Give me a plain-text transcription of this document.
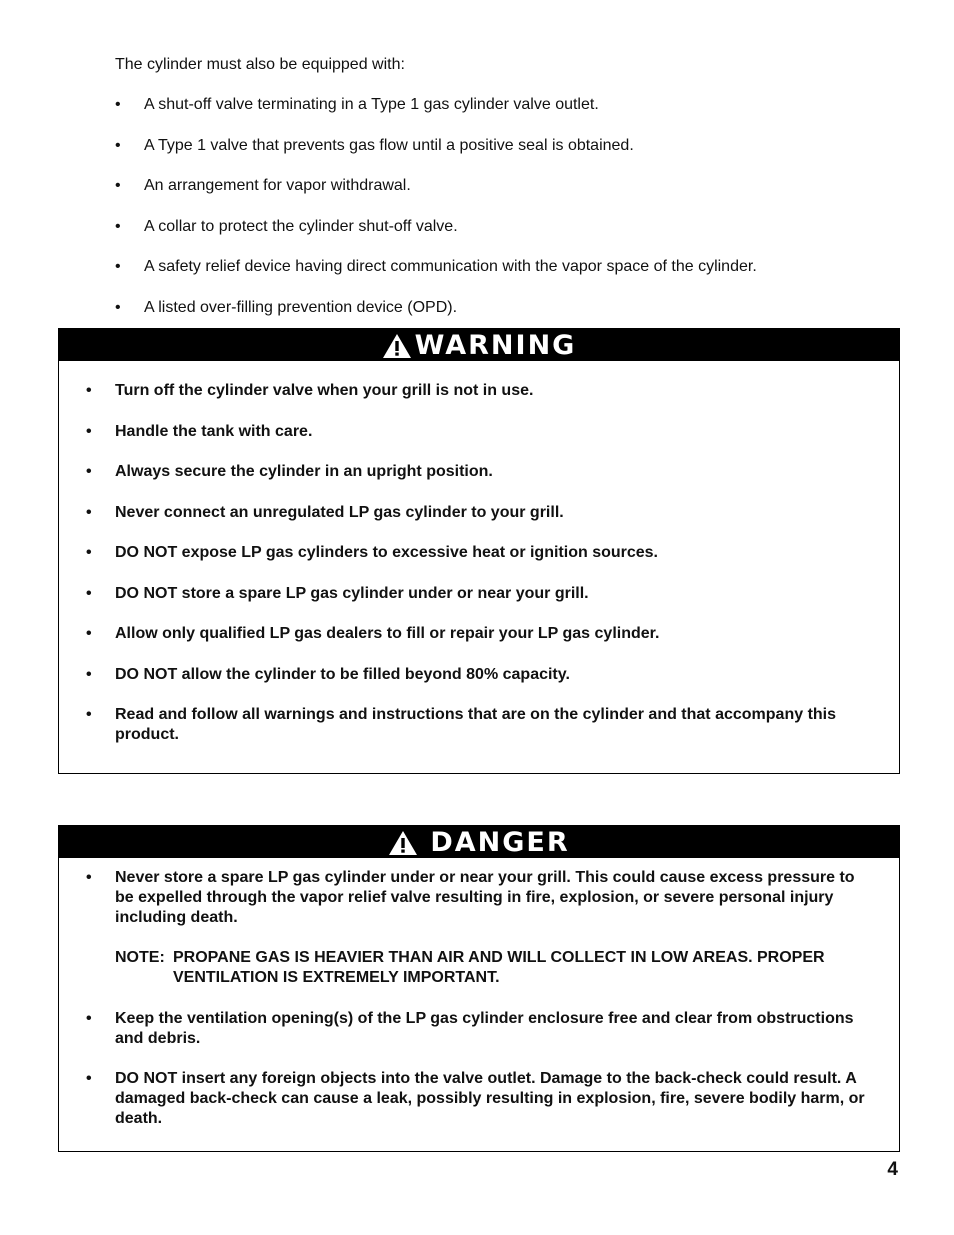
The cylinder must also be equipped with:
• A shut-off valve terminating in a Type 1 gas cylinder valve outlet.
• A Type 1 valve that prevents gas flow until a positive seal is obtained.
• An arrangement for vapor withdrawal.
• A collar to protect the cylinder shut-off valve.
• A safety relief device having direct communication with the vapor space of the cylinder.
• A listed over-filling prevention device (OPD).
WARNING
• Turn off the cylinder valve when your grill is not in use.
• Handle the tank with care.
• Always secure the cylinder in an upright position.
• Never connect an unregulated LP gas cylinder to your grill.
• DO NOT expose LP gas cylinders to excessive heat or ignition sources.
• DO NOT store a spare LP gas cylinder under or near your grill.
• Allow only qualified LP gas dealers to fill or repair your LP gas cylinder.
• DO NOT allow the cylinder to be filled beyond 80% capacity.
• Read and follow all warnings and instructions that are on the cylinder and that accompany this product.
DANGER
• Never store a spare LP gas cylinder under or near your grill. This could cause excess pressure to be expelled through the vapor relief valve resulting in fire, explosion, or severe personal injury including death.
NOTE: PROPANE GAS IS HEAVIER THAN AIR AND WILL COLLECT IN LOW AREAS. PROPER VENTILATION IS EXTREMELY IMPORTANT.
• Keep the ventilation opening(s) of the LP gas cylinder enclosure free and clear from obstructions and debris.
• DO NOT insert any foreign objects into the valve outlet. Damage to the back-check could result. A damaged back-check can cause a leak, possibly resulting in explosion, fire, severe bodily harm, or death.
4
